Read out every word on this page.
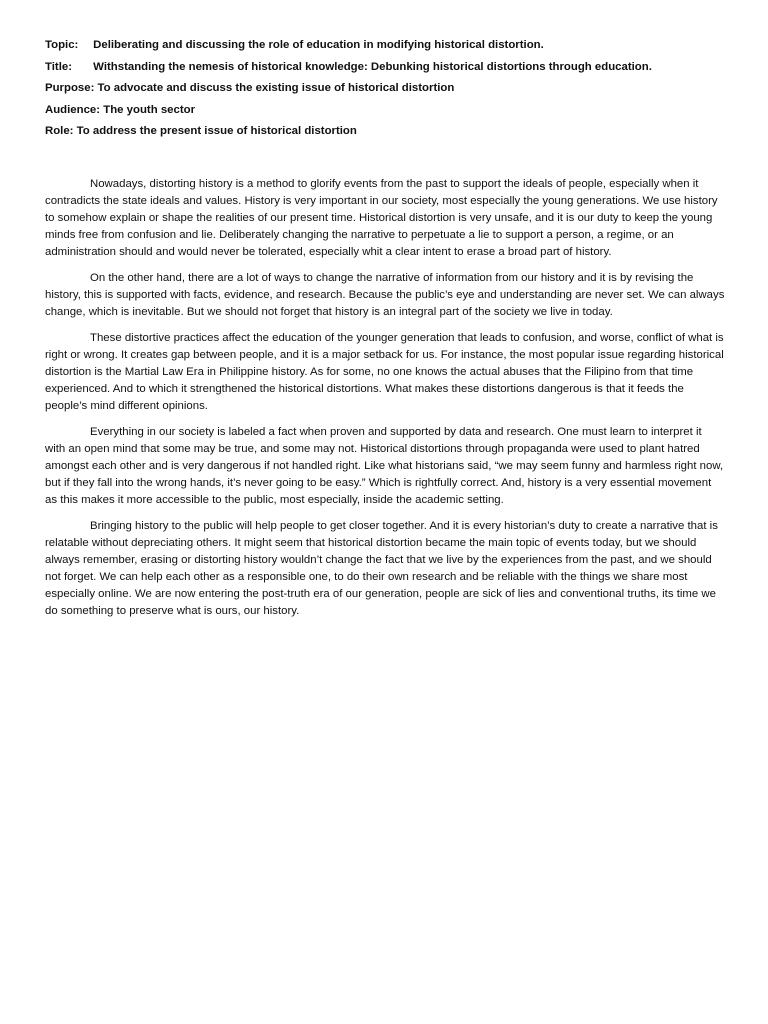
Topic: Deliberating and discussing the role of education in modifying historical distortion.
Title: Withstanding the nemesis of historical knowledge: Debunking historical distortions through education.
Purpose: To advocate and discuss the existing issue of historical distortion
Audience: The youth sector
Role: To address the present issue of historical distortion

Nowadays, distorting history is a method to glorify events from the past to support the ideals of people, especially when it contradicts the state ideals and values. History is very important in our society, most especially the young generations. We use history to somehow explain or shape the realities of our present time. Historical distortion is very unsafe, and it is our duty to keep the young minds free from confusion and lie. Deliberately changing the narrative to perpetuate a lie to support a person, a regime, or an administration should and would never be tolerated, especially whit a clear intent to erase a broad part of history.

On the other hand, there are a lot of ways to change the narrative of information from our history and it is by revising the history, this is supported with facts, evidence, and research. Because the public’s eye and understanding are never set. We can always change, which is inevitable. But we should not forget that history is an integral part of the society we live in today.

These distortive practices affect the education of the younger generation that leads to confusion, and worse, conflict of what is right or wrong. It creates gap between people, and it is a major setback for us. For instance, the most popular issue regarding historical distortion is the Martial Law Era in Philippine history. As for some, no one knows the actual abuses that the Filipino from that time experienced. And to which it strengthened the historical distortions. What makes these distortions dangerous is that it feeds the people’s mind different opinions.

Everything in our society is labeled a fact when proven and supported by data and research. One must learn to interpret it with an open mind that some may be true, and some may not. Historical distortions through propaganda were used to plant hatred amongst each other and is very dangerous if not handled right. Like what historians said, “we may seem funny and harmless right now, but if they fall into the wrong hands, it’s never going to be easy.” Which is rightfully correct. And, history is a very essential movement as this makes it more accessible to the public, most especially, inside the academic setting.

Bringing history to the public will help people to get closer together. And it is every historian’s duty to create a narrative that is relatable without depreciating others. It might seem that historical distortion became the main topic of events today, but we should always remember, erasing or distorting history wouldn’t change the fact that we live by the experiences from the past, and we should not forget. We can help each other as a responsible one, to do their own research and be reliable with the things we share most especially online. We are now entering the post-truth era of our generation, people are sick of lies and conventional truths, its time we do something to preserve what is ours, our history.
